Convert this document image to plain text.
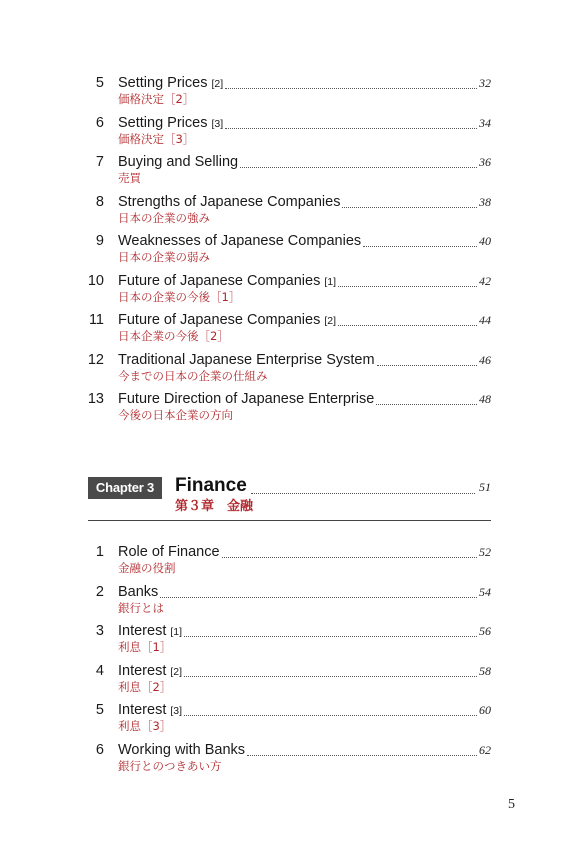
5 Setting Prices [2]	32
価格決定［2］
6 Setting Prices [3]	34
価格決定［3］
7 Buying and Selling	36
売買
8 Strengths of Japanese Companies	38
日本の企業の強み
9 Weaknesses of Japanese Companies	40
日本の企業の弱み
10 Future of Japanese Companies [1]	42
日本の企業の今後［1］
11 Future of Japanese Companies [2]	44
日本企業の今後［2］
12 Traditional Japanese Enterprise System	46
今までの日本の企業の仕組み
13 Future Direction of Japanese Enterprise	48
今後の日本企業の方向
Chapter 3	Finance	51
第３章　金融
1 Role of Finance	52
金融の役割
2 Banks	54
銀行とは
3 Interest [1]	56
利息［1］
4 Interest [2]	58
利息［2］
5 Interest [3]	60
利息［3］
6 Working with Banks	62
銀行とのつきあい方
5
